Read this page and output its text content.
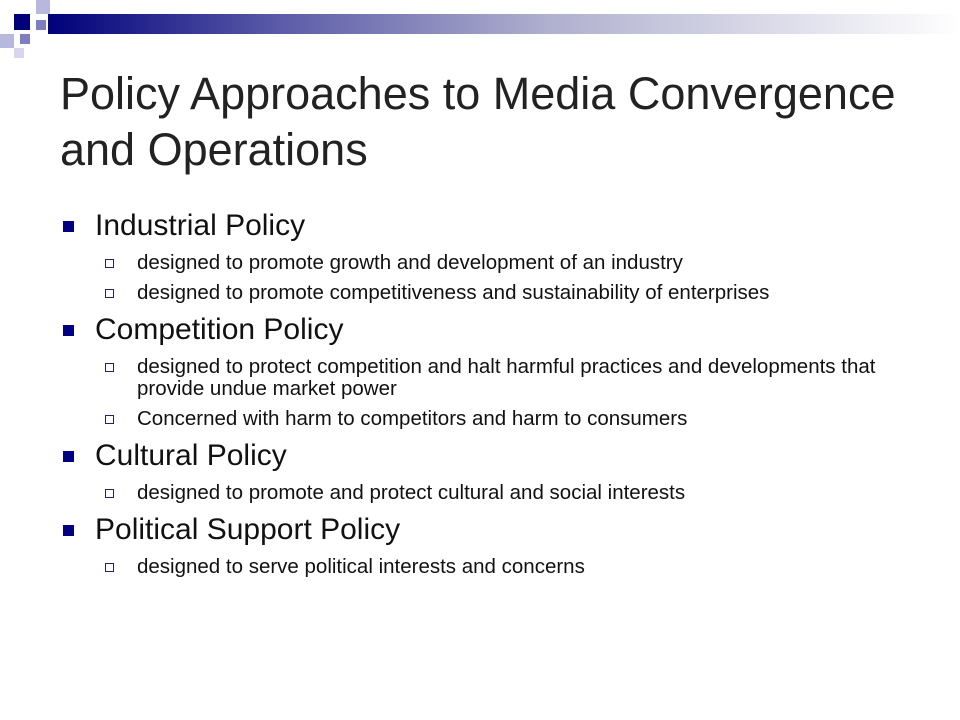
Policy Approaches to Media Convergence and Operations
Industrial Policy
designed to promote growth and development of an industry
designed to promote competitiveness and sustainability of enterprises
Competition Policy
designed to protect competition and halt harmful practices and developments that provide undue market power
Concerned with harm to competitors and harm to consumers
Cultural Policy
designed to promote and protect cultural and social interests
Political Support Policy
designed to serve political interests and concerns
